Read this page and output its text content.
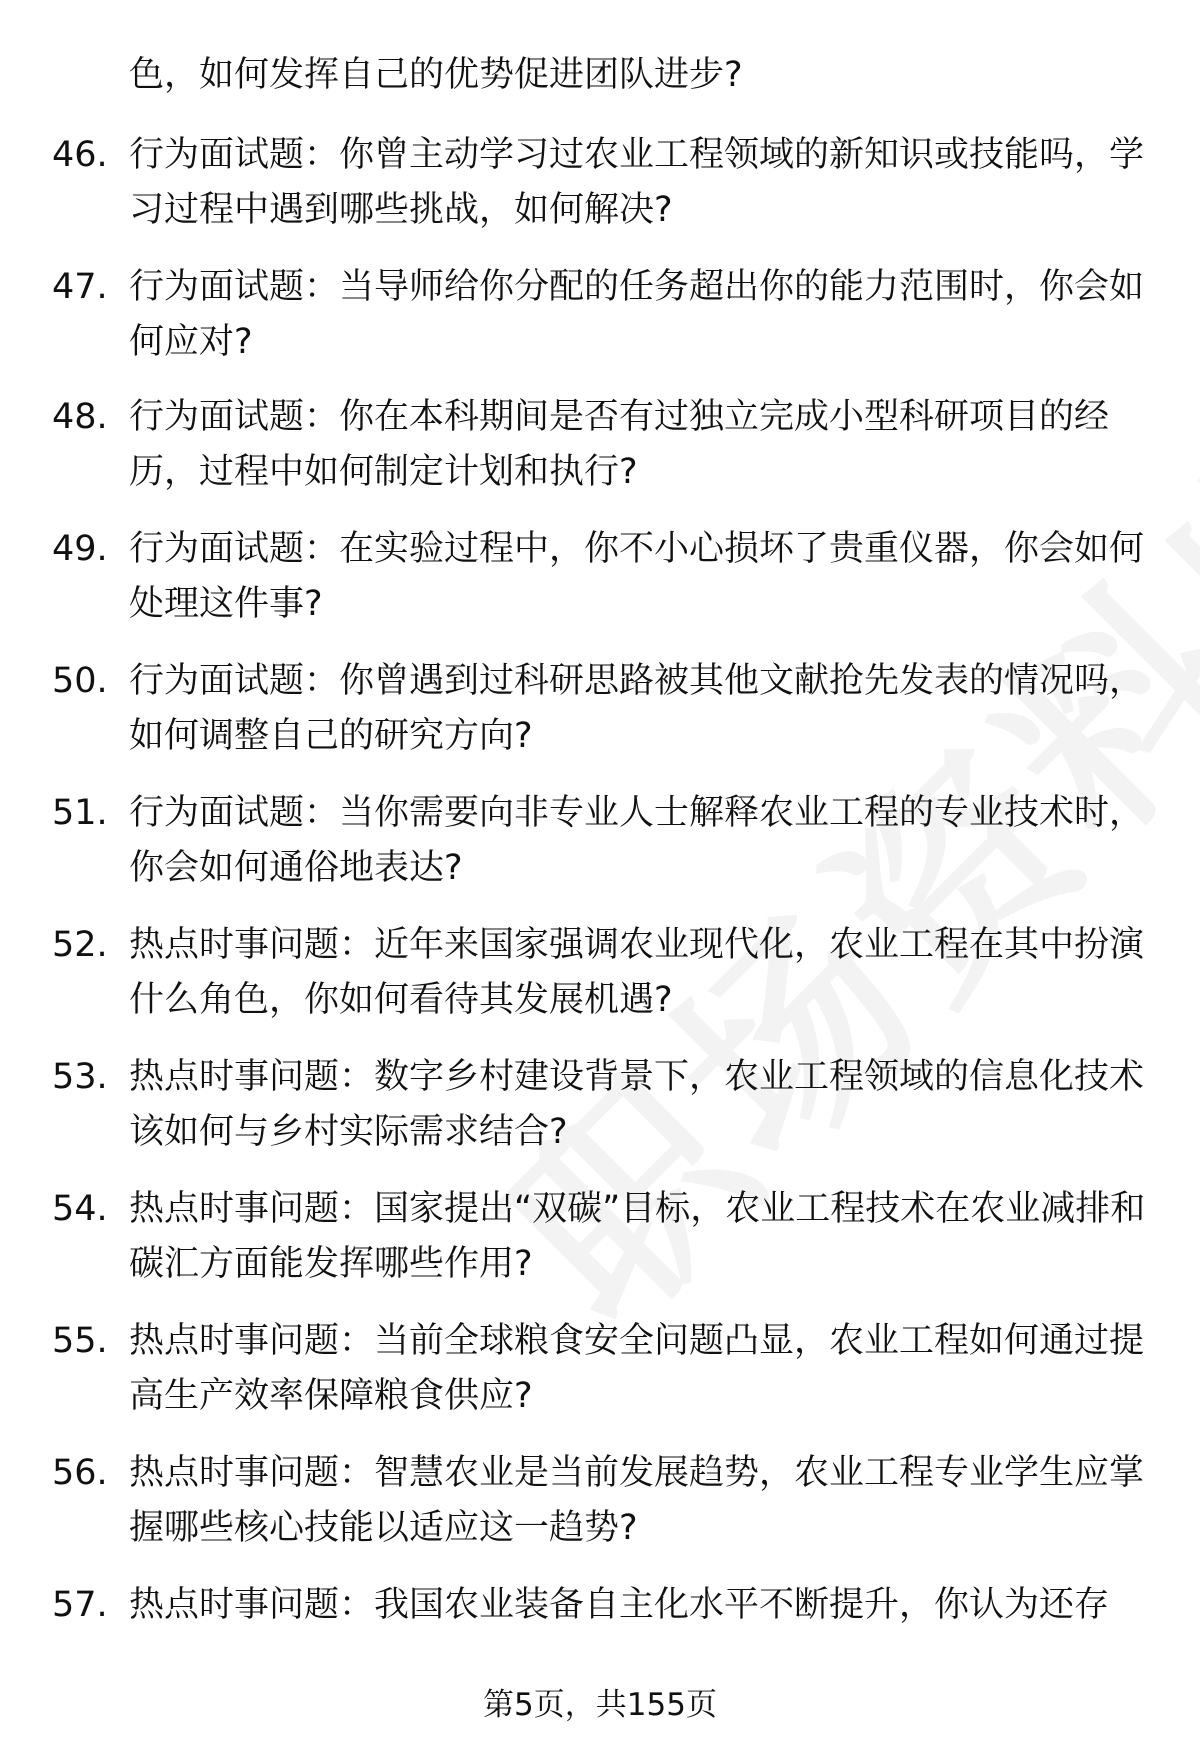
色，如何发挥自己的优势促进团队进步?
46. 行为面试题：你曾主动学习过农业工程领域的新知识或技能吗，学习过程中遇到哪些挑战，如何解决?
47. 行为面试题：当导师给你分配的任务超出你的能力范围时，你会如何应对?
48. 行为面试题：你在本科期间是否有过独立完成小型科研项目的经历，过程中如何制定计划和执行?
49. 行为面试题：在实验过程中，你不小心损坏了贵重仪器，你会如何处理这件事?
50. 行为面试题：你曾遇到过科研思路被其他文献抢先发表的情况吗，如何调整自己的研究方向?
51. 行为面试题：当你需要向非专业人士解释农业工程的专业技术时，你会如何通俗地表达?
52. 热点时事问题：近年来国家强调农业现代化，农业工程在其中扮演什么角色，你如何看待其发展机遇?
53. 热点时事问题：数字乡村建设背景下，农业工程领域的信息化技术该如何与乡村实际需求结合?
54. 热点时事问题：国家提出“双碳”目标，农业工程技术在农业减排和碳汇方面能发挥哪些作用?
55. 热点时事问题：当前全球粮食安全问题凸显，农业工程如何通过提高生产效率保障粮食供应?
56. 热点时事问题：智慧农业是当前发展趋势，农业工程专业学生应掌握哪些核心技能以适应这一趋势?
57. 热点时事问题：我国农业装备自主化水平不断提升，你认为还存
第5页，共155页
